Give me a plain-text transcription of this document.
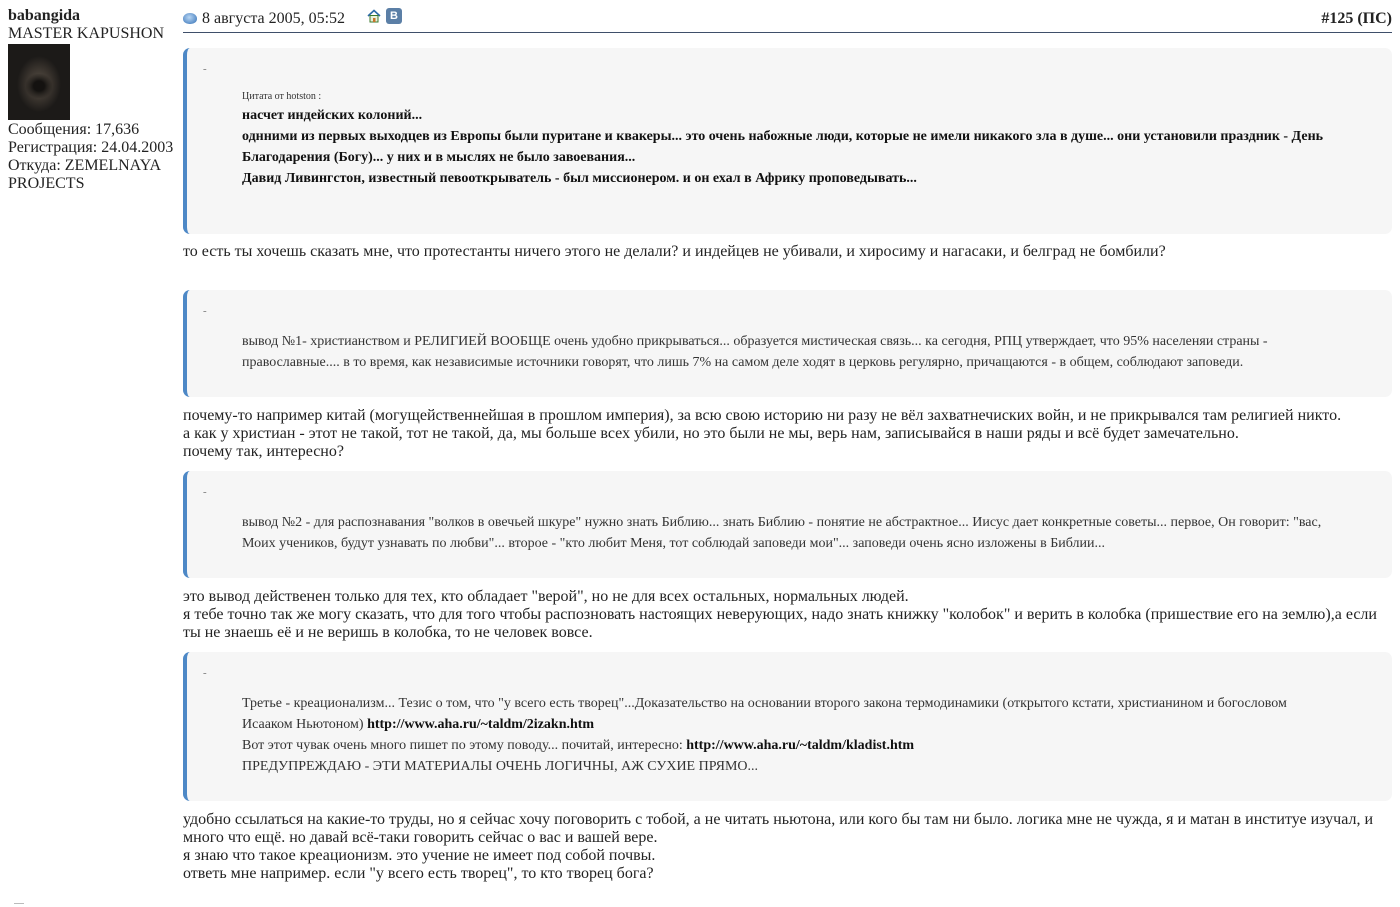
babangida
MASTER KAPUSHON
Сообщения: 17,636
Регистрация: 24.04.2003
Откуда: ZEMELNAYA
PROJECTS
8 августа 2005, 05:52	В	#125 (ПС)
-
Цитата от hotston :
насчет индейских колоний...
однними из первых выходцев из Европы были пуритане и квакеры... это очень набожные люди, которые не имели никакого зла в душе... они установили праздник - День Благодарения (Богу)... у них и в мыслях не было завоевания...
Давид Ливингстон, известный певооткрыватель - был миссионером. и он ехал в Африку проповедывать...

то есть ты хочешь сказать мне, что протестанты ничего этого не делали? и индейцев не убивали, и хиросиму и нагасаки, и белград не бомбили?

-
вывод №1- христианством и РЕЛИГИЕЙ ВООБЩЕ очень удобно прикрываться... образуется мистическая связь... ка сегодня, РПЦ утверждает, что 95% населеняи страны - православные.... в то время, как независимые источники говорят, что лишь 7% на самом деле ходят в церковь регулярно, причащаются - в общем, соблюдают заповеди.

почему-то например китай (могущейственнейшая в прошлом империя), за всю свою историю ни разу не вёл захватнечиских войн, и не прикрывался там религией никто.

а как у христиан - этот не такой, тот не такой, да, мы больше всех убили, но это были не мы, верь нам, записывайся в наши ряды и всё будет замечательно.

почему так, интересно?

-
вывод №2 - для распознавания "волков в овечьей шкуре" нужно знать Библию... знать Библию - понятие не абстрактное... Иисус дает конкретные советы... первое, Он говорит: "вас, Моих учеников, будут узнавать по любви"... второе - "кто любит Меня, тот соблюдай заповеди мои"... заповеди очень ясно изложены в Библии...

это вывод действенен только для тех, кто обладает "верой", но не для всех остальных, нормальных людей.

я тебе точно так же могу сказать, что для того чтобы распозновать настоящих неверующих, надо знать книжку "колобок" и верить в колобка (пришествие его на землю),а если ты не знаешь её и не веришь в колобка, то не человек вовсе.

-
Третье - креационализм... Тезис о том, что "у всего есть творец"...Доказательство на основании второго закона термодинамики (открытого кстати, христианином и богословом Исааком Ньютоном) http://www.aha.ru/~taldm/2izakn.htm
Вот этот чувак очень много пишет по этому поводу... почитай, интересно: http://www.aha.ru/~taldm/kladist.htm
ПРЕДУПРЕЖДАЮ - ЭТИ МАТЕРИАЛЫ ОЧЕНЬ ЛОГИЧНЫ, АЖ СУХИЕ ПРЯМО...

удобно ссылаться на какие-то труды, но я сейчас хочу поговорить с тобой, а не читать ньютона, или кого бы там ни было. логика мне не чужда, я и матан в институе изучал, и много что ещё. но давай всё-таки говорить сейчас о вас и вашей вере.

я знаю что такое креационизм. это учение не имеет под собой почвы.

ответь мне например. если "у всего есть творец", то кто творец бога?
